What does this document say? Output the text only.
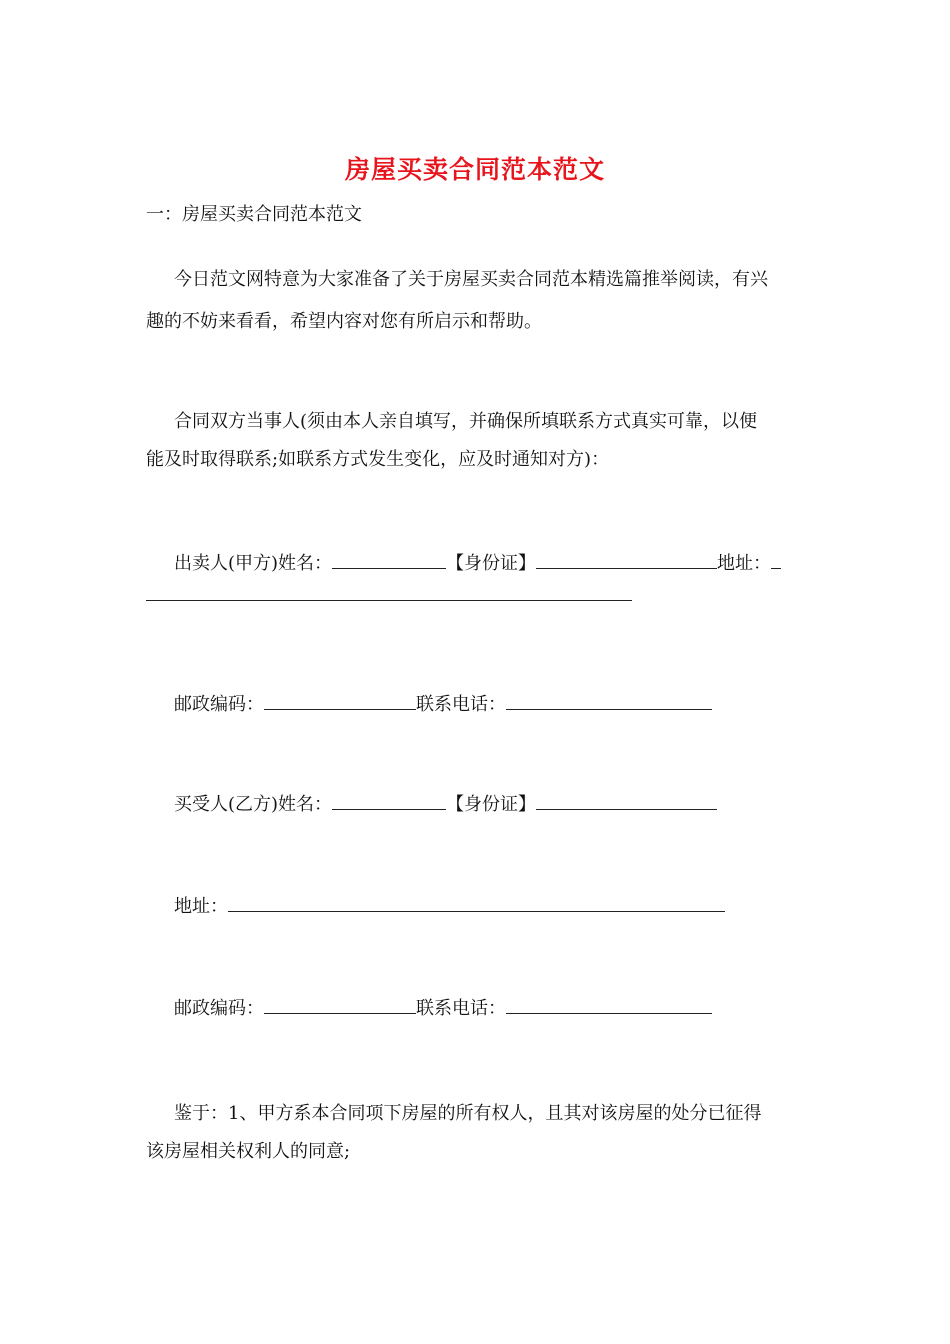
房屋买卖合同范本范文
一：房屋买卖合同范本范文
今日范文网特意为大家准备了关于房屋买卖合同范本精选篇推举阅读，有兴
趣的不妨来看看，希望内容对您有所启示和帮助。
合同双方当事人(须由本人亲自填写，并确保所填联系方式真实可靠，以便
能及时取得联系;如联系方式发生变化，应及时通知对方)：
出卖人(甲方)姓名：	【身份证】	地址：
邮政编码：	联系电话：
买受人(乙方)姓名：	【身份证】
地址：
邮政编码：	联系电话：
鉴于：1、甲方系本合同项下房屋的所有权人，且其对该房屋的处分已征得
该房屋相关权利人的同意;
